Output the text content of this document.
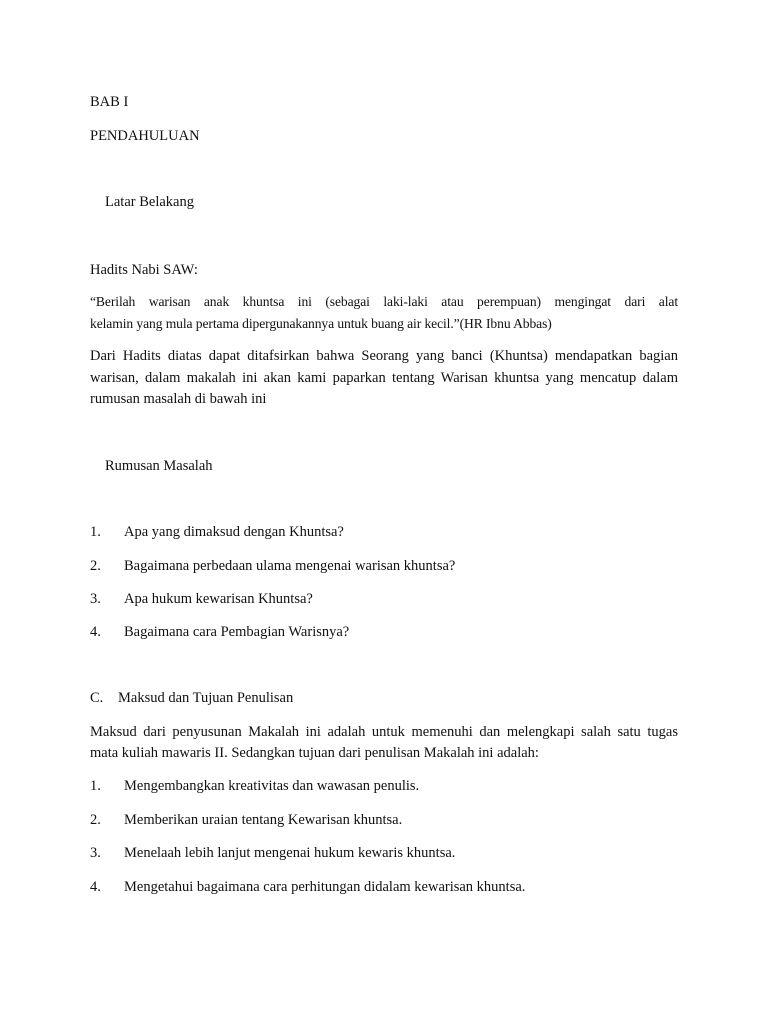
BAB I
PENDAHULUAN
Latar Belakang
Hadits Nabi SAW:
“Berilah warisan anak khuntsa ini (sebagai laki-laki atau perempuan) mengingat dari alat
kelamin yang mula pertama dipergunakannya untuk buang air kecil.”(HR Ibnu Abbas)
Dari Hadits diatas dapat ditafsirkan bahwa Seorang yang banci (Khuntsa) mendapatkan bagian
warisan, dalam makalah ini akan kami paparkan tentang Warisan khuntsa yang mencatup dalam
rumusan masalah di bawah ini
Rumusan Masalah
1.	Apa yang dimaksud dengan Khuntsa?
2.	Bagaimana perbedaan ulama mengenai warisan khuntsa?
3.	Apa hukum kewarisan Khuntsa?
4.	Bagaimana cara Pembagian Warisnya?
C. Maksud dan Tujuan Penulisan
Maksud dari penyusunan Makalah ini adalah untuk memenuhi dan melengkapi salah satu tugas
mata kuliah mawaris II. Sedangkan tujuan dari penulisan Makalah ini adalah:
1.	Mengembangkan kreativitas dan wawasan penulis.
2.	Memberikan uraian tentang Kewarisan khuntsa.
3.	Menelaah lebih lanjut mengenai hukum kewaris khuntsa.
4.	Mengetahui bagaimana cara perhitungan didalam kewarisan khuntsa.
